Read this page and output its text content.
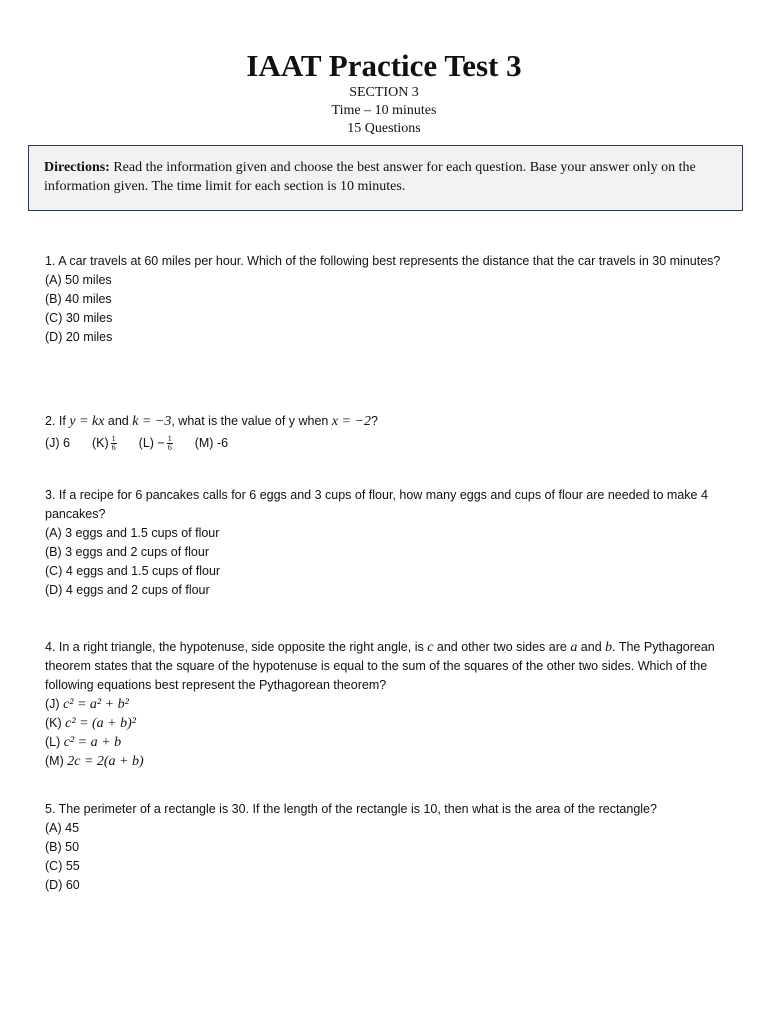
IAAT Practice Test 3
SECTION 3
Time – 10 minutes
15 Questions
Directions: Read the information given and choose the best answer for each question. Base your answer only on the information given. The time limit for each section is 10 minutes.
1. A car travels at 60 miles per hour. Which of the following best represents the distance that the car travels in 30 minutes?
(A) 50 miles
(B) 40 miles
(C) 30 miles
(D) 20 miles
2. If y = kx and k = −3, what is the value of y when x = −2?
(J) 6 $(K) \frac{1}{6} (L) - \frac{1}{6} (M)$ -6
3. If a recipe for 6 pancakes calls for 6 eggs and 3 cups of flour, how many eggs and cups of flour are needed to make 4 pancakes?
(A) 3 eggs and 1.5 cups of flour
(B) 3 eggs and 2 cups of flour
(C) 4 eggs and 1.5 cups of flour
(D) 4 eggs and 2 cups of flour
4. In a right triangle, the hypotenuse, side opposite the right angle, is c and other two sides are a and b. The Pythagorean theorem states that the square of the hypotenuse is equal to the sum of the squares of the other two sides. Which of the following equations best represent the Pythagorean theorem?
(J) c² = a² + b²
(K) c² = (a + b)²
(L) c² = a + b
(M) 2c = 2(a + b)
5. The perimeter of a rectangle is 30. If the length of the rectangle is 10, then what is the area of the rectangle?
(A) 45
(B) 50
(C) 55
(D) 60
